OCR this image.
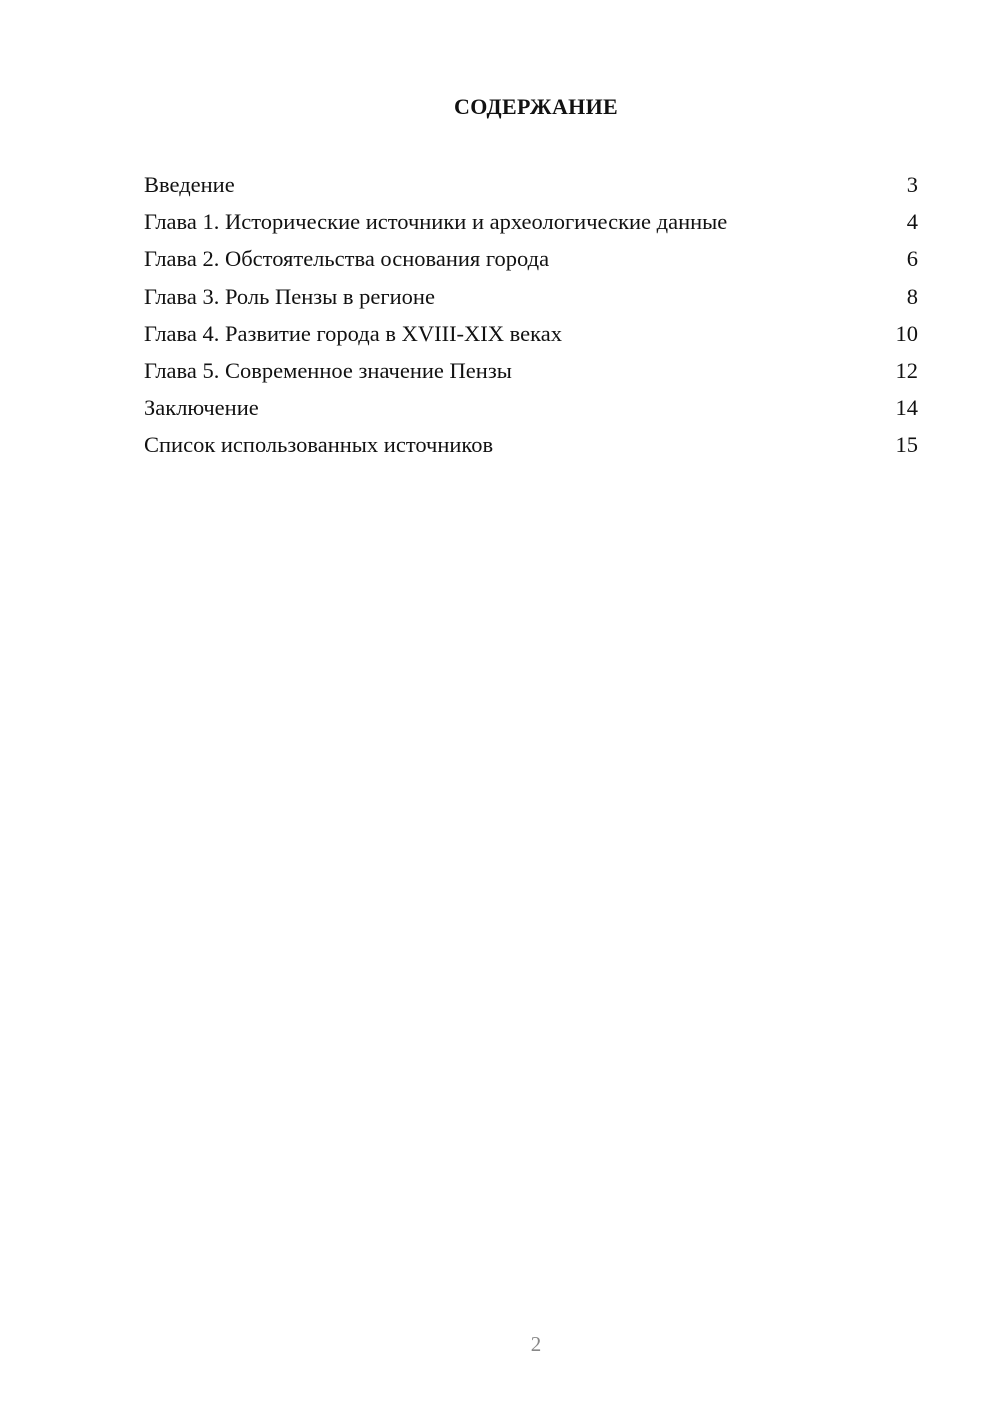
СОДЕРЖАНИЕ
Введение	3
Глава 1. Исторические источники и археологические данные	4
Глава 2. Обстоятельства основания города	6
Глава 3. Роль Пензы в регионе	8
Глава 4. Развитие города в XVIII-XIX веках	10
Глава 5. Современное значение Пензы	12
Заключение	14
Список использованных источников	15
2
